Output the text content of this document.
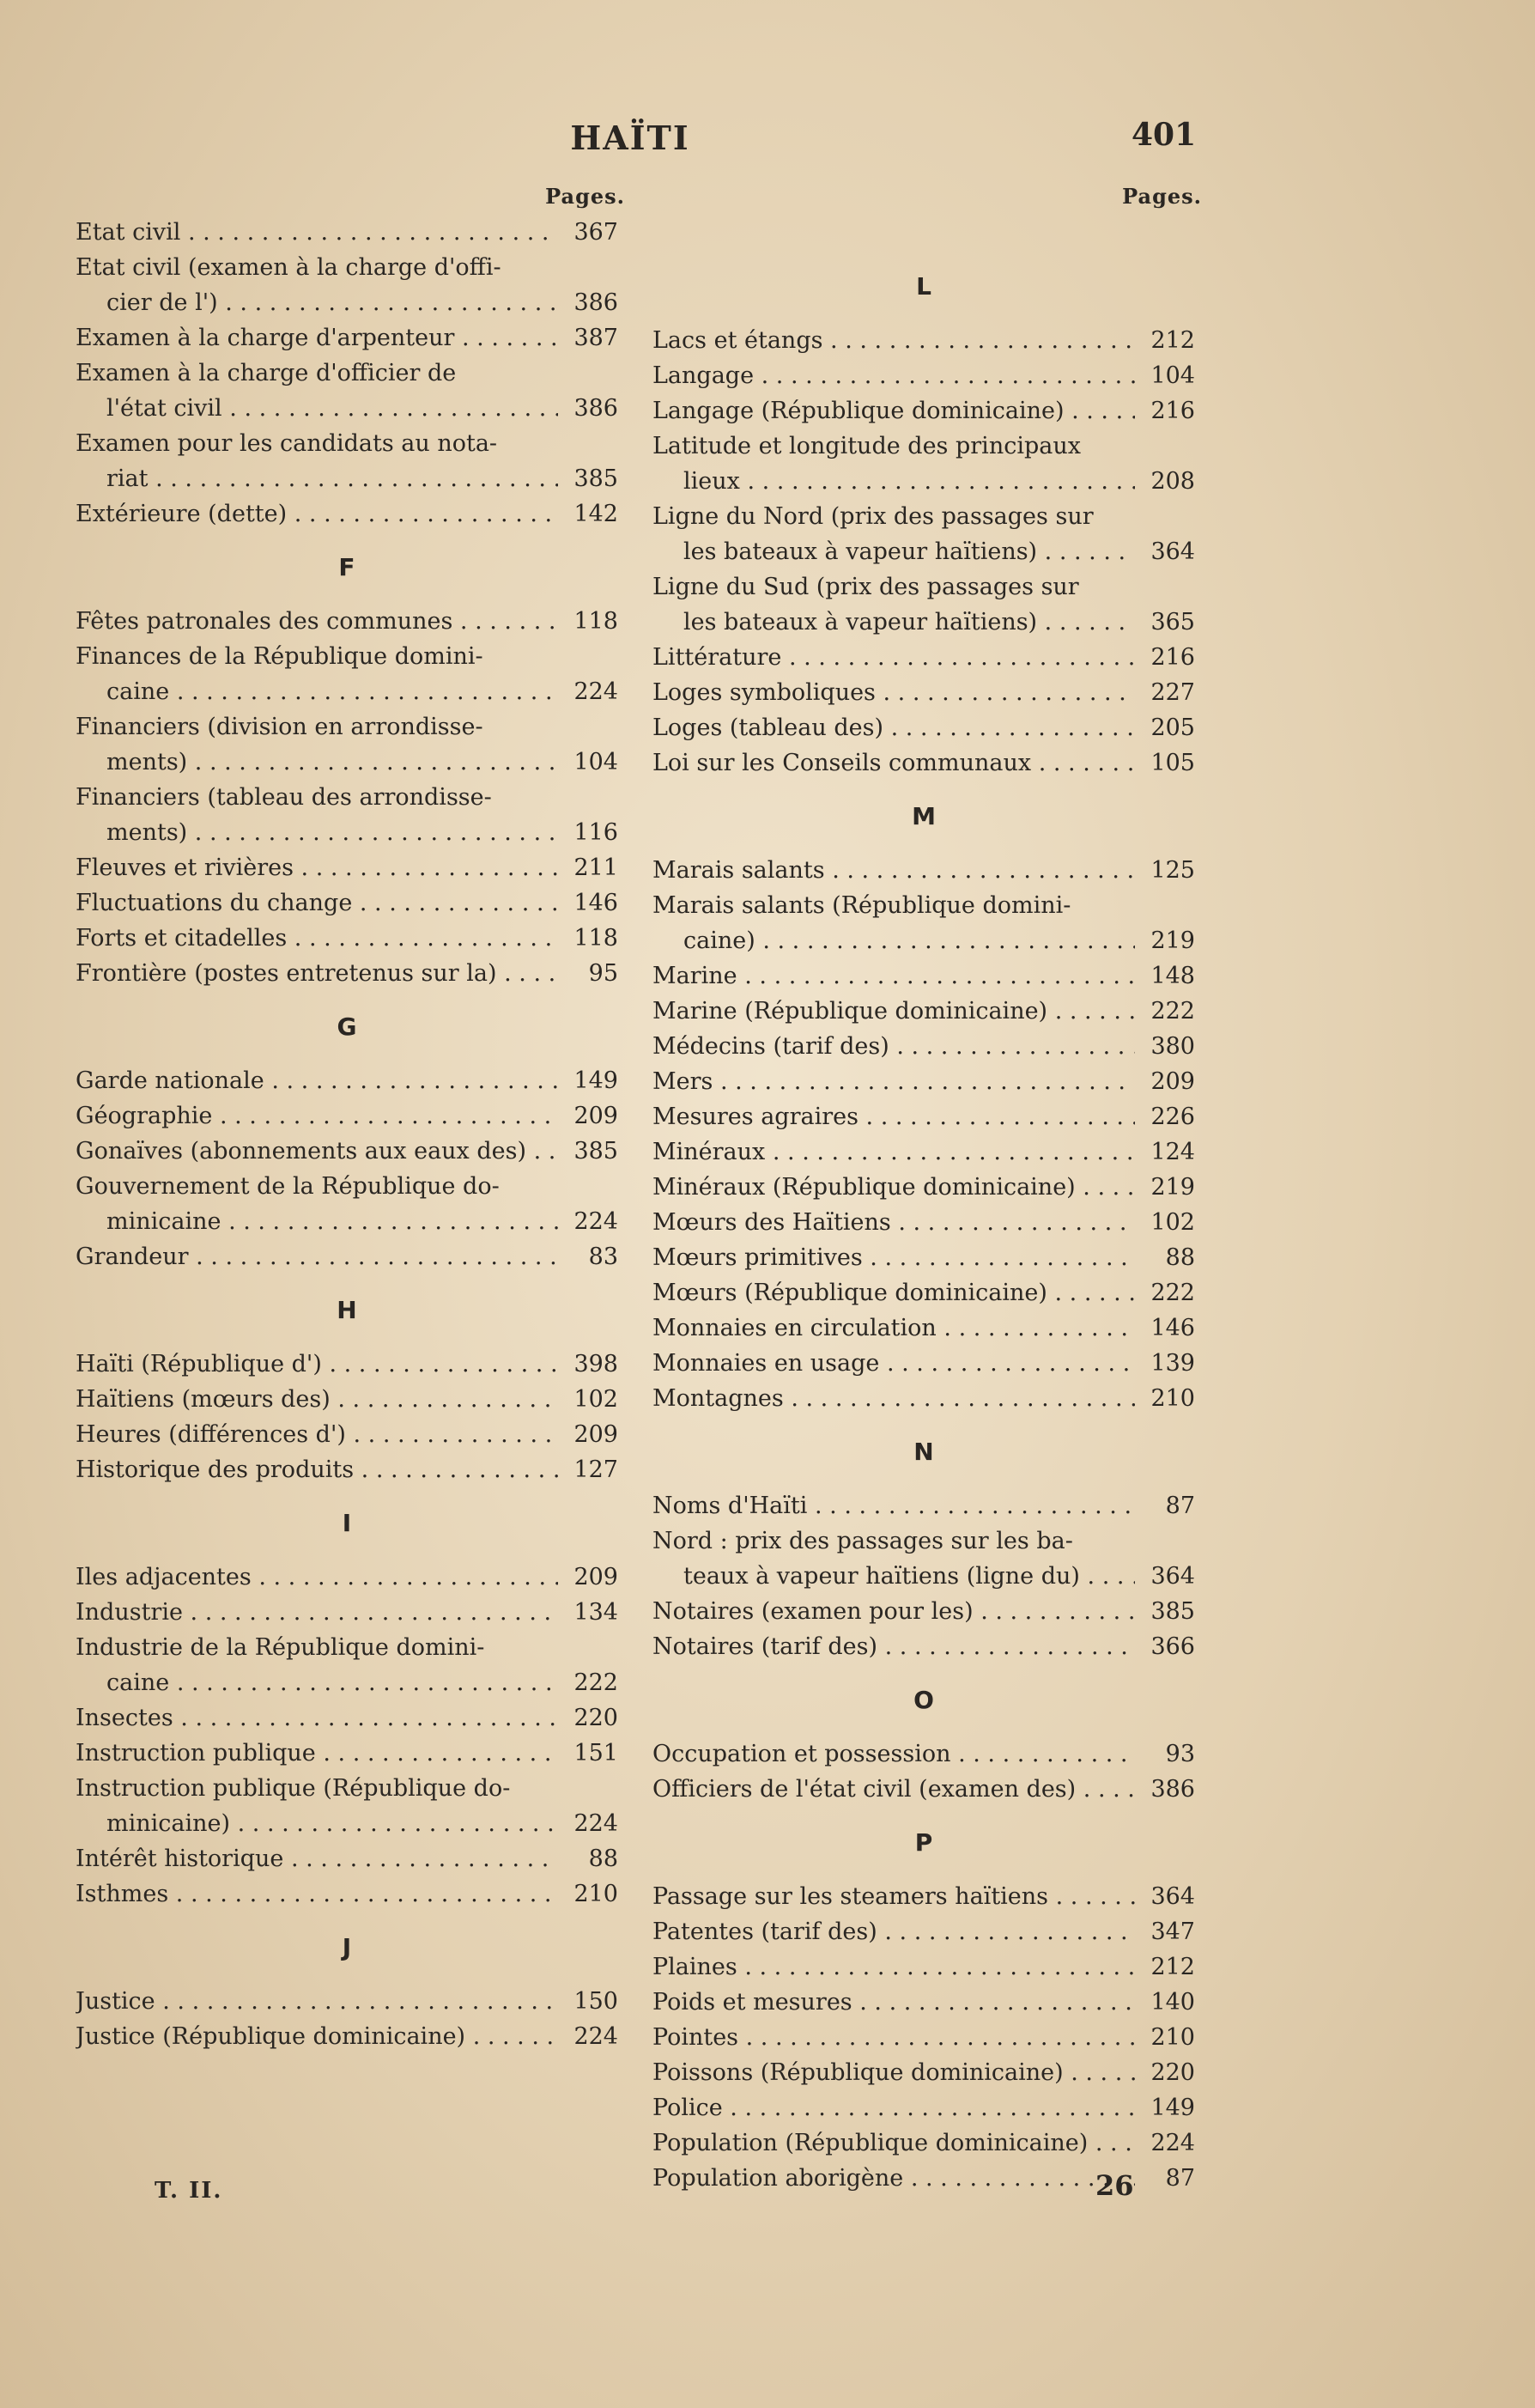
HAÏTI	401
Pages.
Etat civil . . .	367
Etat civil (examen à la charge d'offi-
cier de l') . . .	386
Examen à la charge d'arpenteur . . .	387
Examen à la charge d'officier de
l'état civil . . .	386
Examen pour les candidats au nota-
riat . . .	385
Extérieure (dette) . . .	142
F
Fêtes patronales des communes . . .	118
Finances de la République domini-
caine . . .	224
Financiers (division en arrondisse-
ments) . . .	104
Financiers (tableau des arrondisse-
ments) . . .	116
Fleuves et rivières . . .	211
Fluctuations du change . . .	146
Forts et citadelles . . .	118
Frontière (postes entretenus sur la) . . .	95
G
Garde nationale . . .	149
Géographie . . .	209
Gonaïves (abonnements aux eaux des) . . .	385
Gouvernement de la République do-
minicaine . . .	224
Grandeur . . .	83
H
Haïti (République d') . . .	398
Haïtiens (mœurs des) . . .	102
Heures (différences d') . . .	209
Historique des produits . . .	127
I
Iles adjacentes . . .	209
Industrie . . .	134
Industrie de la République domini-
caine . . .	222
Insectes . . .	220
Instruction publique . . .	151
Instruction publique (République do-
minicaine) . . .	224
Intérêt historique . . .	88
Isthmes . . .	210
J
Justice . . .	150
Justice (République dominicaine) . . .	224
Pages.
L
Lacs et étangs . . .	212
Langage . . .	104
Langage (République dominicaine) . . .	216
Latitude et longitude des principaux
lieux . . .	208
Ligne du Nord (prix des passages sur
les bateaux à vapeur haïtiens) . . .	364
Ligne du Sud (prix des passages sur
les bateaux à vapeur haïtiens) . . .	365
Littérature . . .	216
Loges symboliques . . .	227
Loges (tableau des) . . .	205
Loi sur les Conseils communaux . . .	105
M
Marais salants . . .	125
Marais salants (République domini-
caine) . . .	219
Marine . . .	148
Marine (République dominicaine) . . .	222
Médecins (tarif des) . . .	380
Mers . . .	209
Mesures agraires . . .	226
Minéraux . . .	124
Minéraux (République dominicaine) . . .	219
Mœurs des Haïtiens . . .	102
Mœurs primitives . . .	88
Mœurs (République dominicaine) . . .	222
Monnaies en circulation . . .	146
Monnaies en usage . . .	139
Montagnes . . .	210
N
Noms d'Haïti . . .	87
Nord : prix des passages sur les ba-
teaux à vapeur haïtiens (ligne du) . . .	364
Notaires (examen pour les) . . .	385
Notaires (tarif des) . . .	366
O
Occupation et possession . . .	93
Officiers de l'état civil (examen des) . . .	386
P
Passage sur les steamers haïtiens . . .	364
Patentes (tarif des) . . .	347
Plaines . . .	212
Poids et mesures . . .	140
Pointes . . .	210
Poissons (République dominicaine) . . .	220
Police . . .	149
Population (République dominicaine) . . .	224
Population aborigène . . .	87
T. II.	26
